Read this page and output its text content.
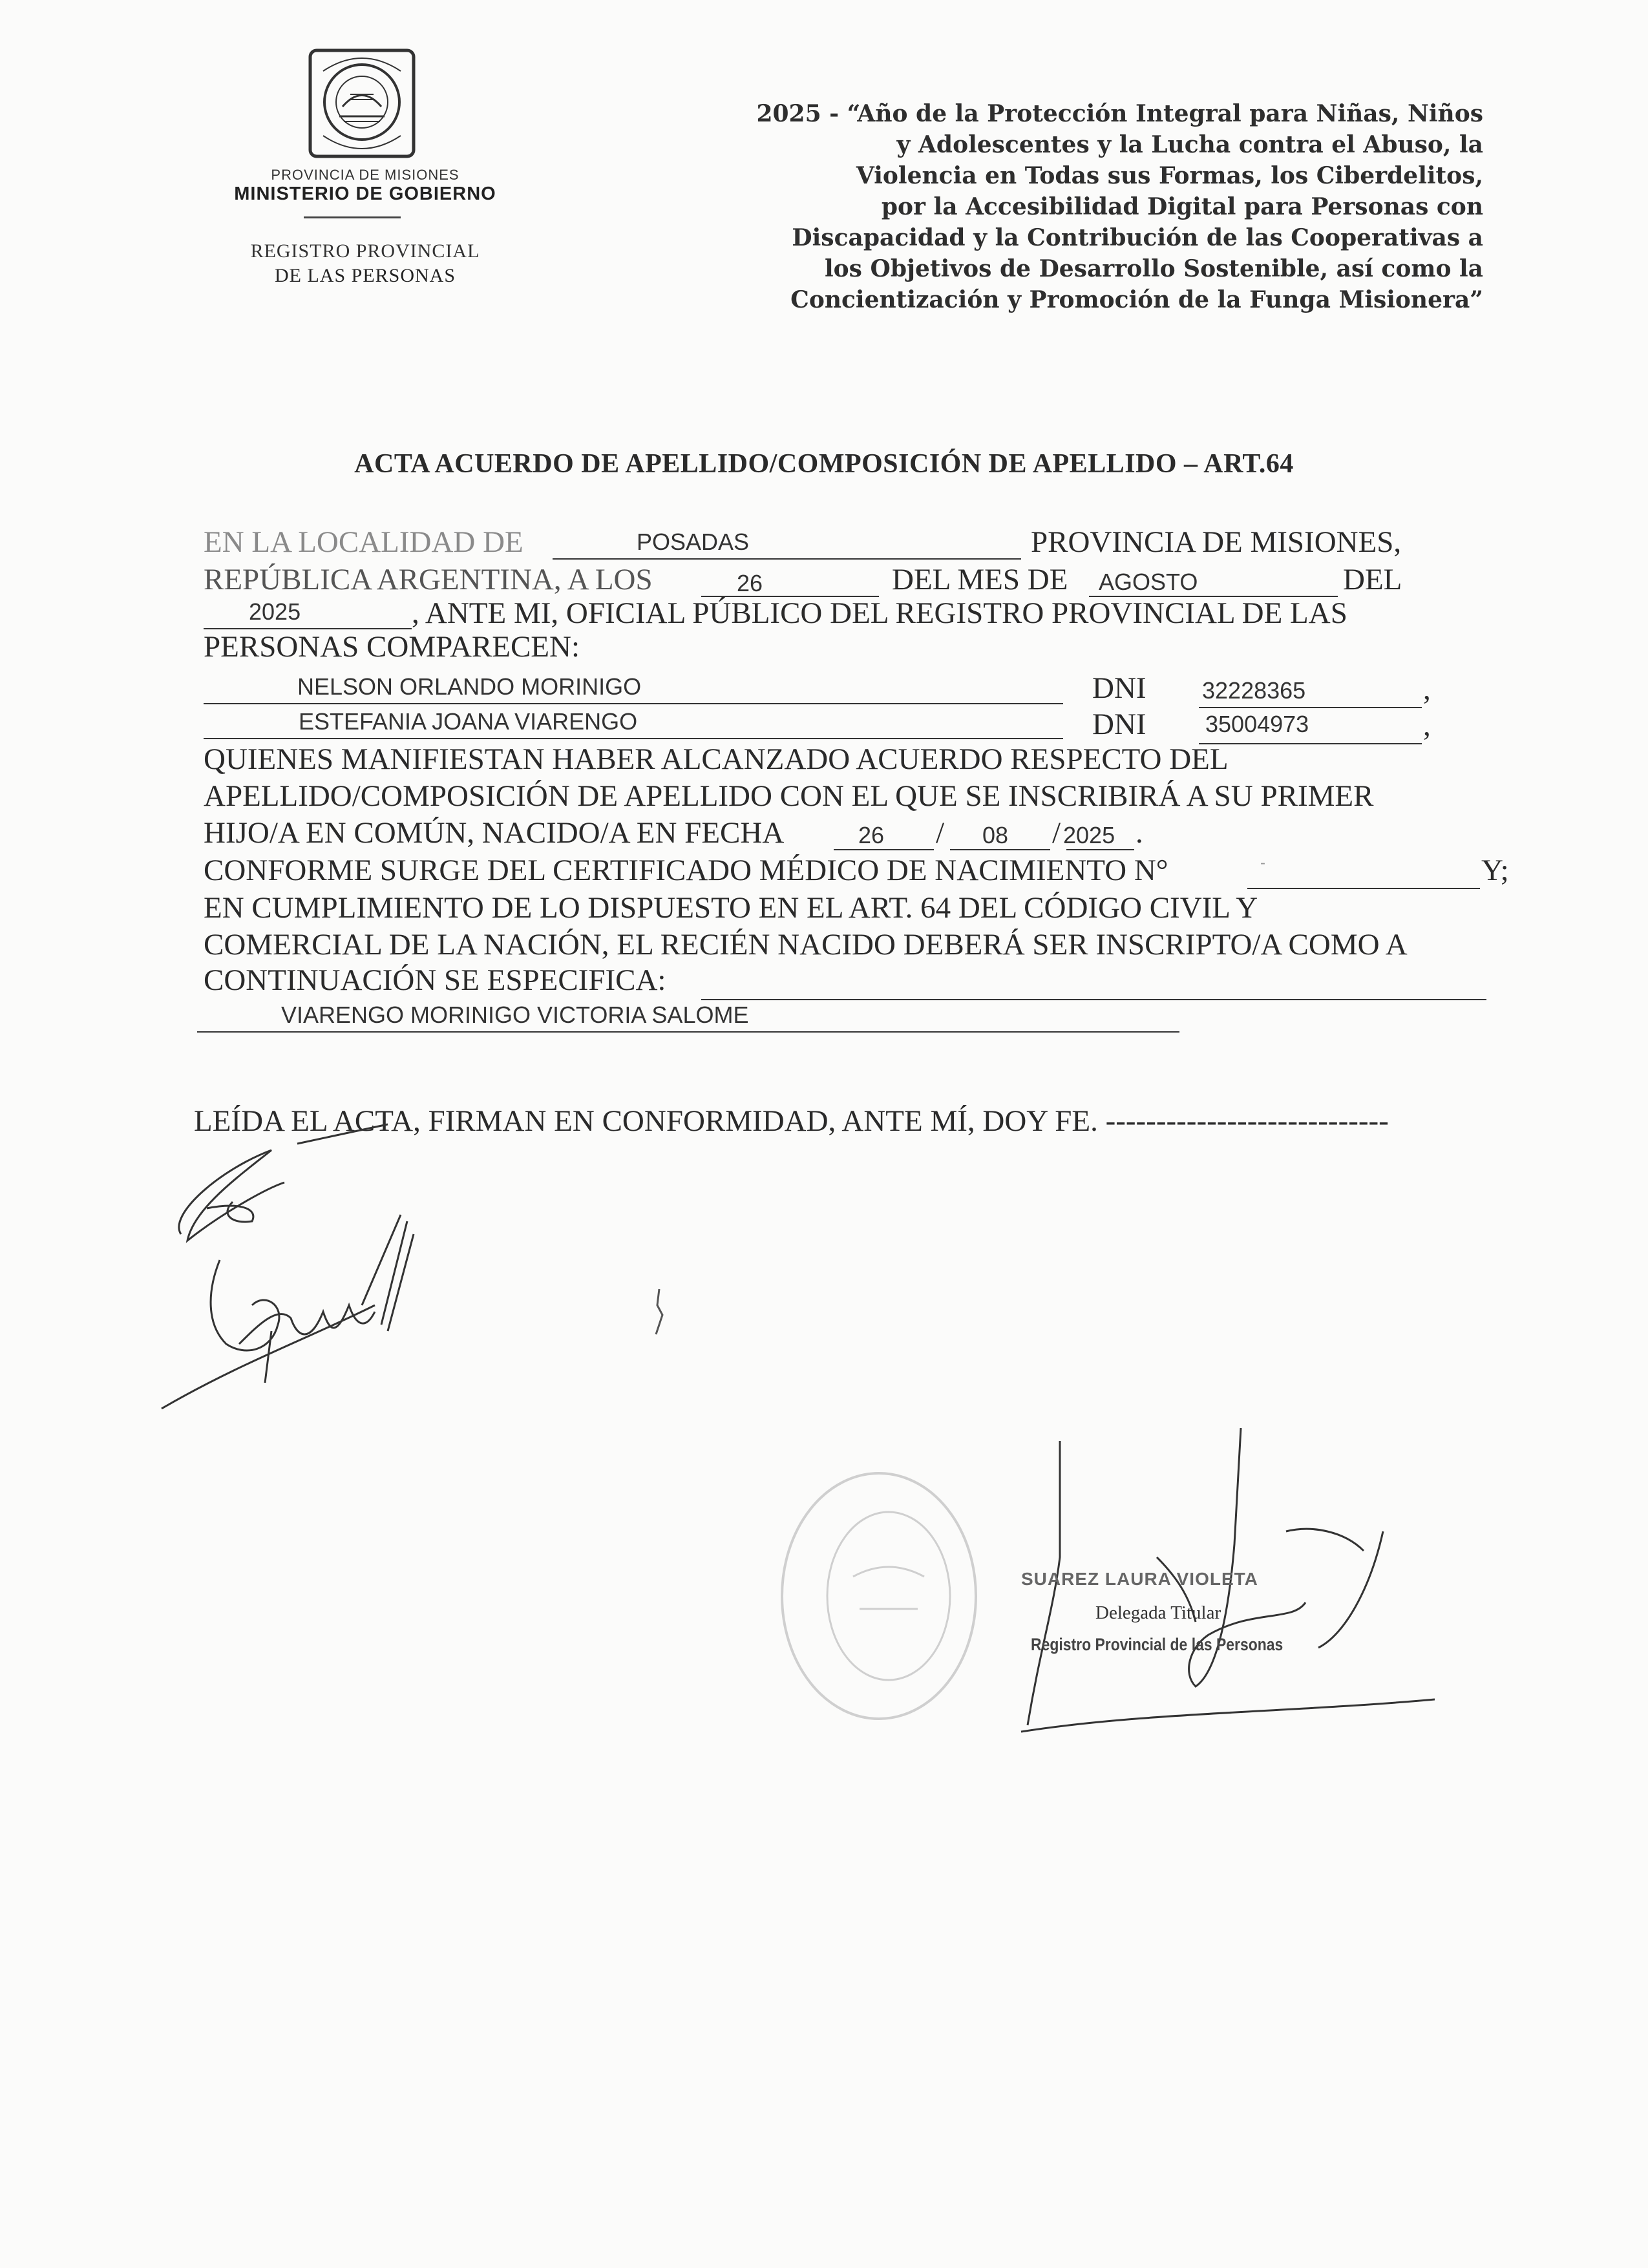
PROVINCIA DE MISIONES
MINISTERIO DE GOBIERNO
REGISTRO PROVINCIAL
DE LAS PERSONAS
2025 - “Año de la Protección Integral para Niñas, Niños
y Adolescentes y la Lucha contra el Abuso, la
Violencia en Todas sus Formas, los Ciberdelitos,
por la Accesibilidad Digital para Personas con
Discapacidad y la Contribución de las Cooperativas a
los Objetivos de Desarrollo Sostenible, así como la
Concientización y Promoción de la Funga Misionera”
ACTA ACUERDO DE APELLIDO/COMPOSICIÓN DE APELLIDO – ART.64
EN LA LOCALIDAD DE	POSADAS	PROVINCIA DE MISIONES,
REPÚBLICA ARGENTINA, A LOS	26	DEL MES DE AGOSTO	DEL
2025	, ANTE MI, OFICIAL PÚBLICO DEL REGISTRO PROVINCIAL DE LAS
PERSONAS COMPARECEN:
NELSON ORLANDO MORINIGO	DNI 32228365	,
ESTEFANIA JOANA VIARENGO	DNI	35004973	,
QUIENES MANIFIESTAN HABER ALCANZADO ACUERDO RESPECTO DEL
APELLIDO/COMPOSICIÓN DE APELLIDO CON EL QUE SE INSCRIBIRÁ A SU PRIMER
HIJO/A EN COMÚN, NACIDO/A EN FECHA	26 / 08 / 2025 .
CONFORME SURGE DEL CERTIFICADO MÉDICO DE NACIMIENTO N°	-	Y;
EN CUMPLIMIENTO DE LO DISPUESTO EN EL ART. 64 DEL CÓDIGO CIVIL Y
COMERCIAL DE LA NACIÓN, EL RECIÉN NACIDO DEBERÁ SER INSCRIPTO/A COMO A
CONTINUACIÓN SE ESPECIFICA:
VIARENGO MORINIGO VICTORIA SALOME
LEÍDA EL ACTA, FIRMAN EN CONFORMIDAD, ANTE MÍ, DOY FE. ----------------------------
SUAREZ LAURA VIOLETA
Delegada Titular
Registro Provincial de las Personas
